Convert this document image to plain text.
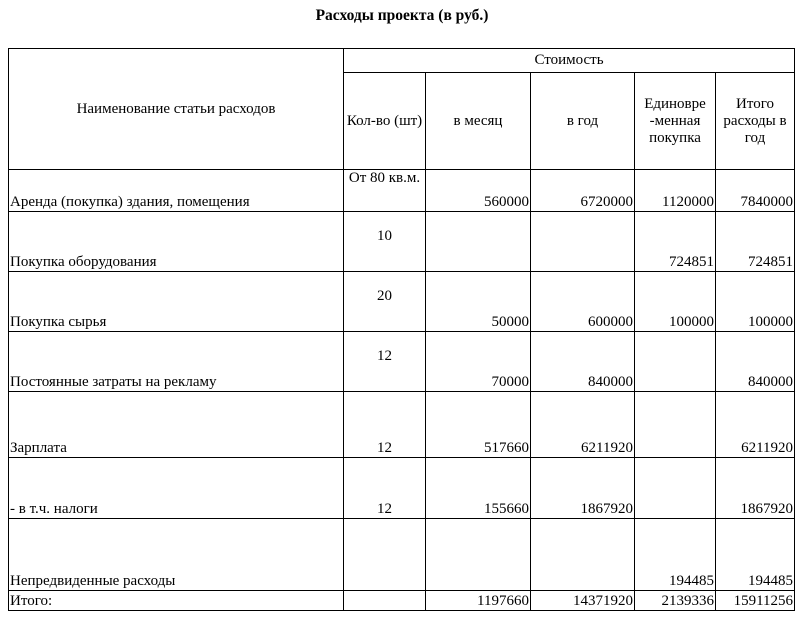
Расходы проекта (в руб.)
Наименование статьи расходов	Стоимость				
	Кол-во (шт)	в месяц	в год	Единовре -менная покупка	Итого расходы в год
Аренда (покупка) здания, помещения	От 80 кв.м.	560000	6720000	1120000	7840000
Покупка оборудования	10			724851	724851
Покупка сырья	20	50000	600000	100000	100000
Постоянные затраты на рекламу	12	70000	840000		840000
Зарплата	12	517660	6211920		6211920
- в т.ч. налоги	12	155660	1867920		1867920
Непредвиденные расходы				194485	194485
Итого:		1197660	14371920	2139336	15911256
